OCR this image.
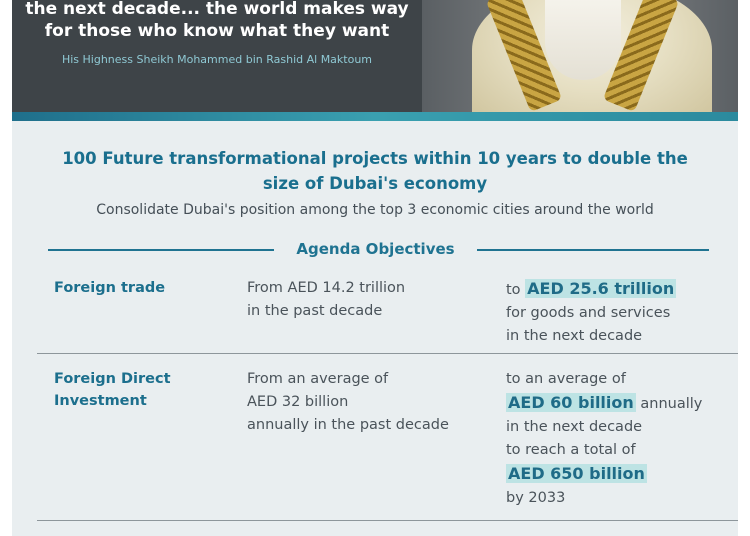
the next decade... the world makes way
for those who know what they want
His Highness Sheikh Mohammed bin Rashid Al Maktoum
100 Future transformational projects within 10 years to double the
size of Dubai's economy
Consolidate Dubai's position among the top 3 economic cities around the world
Agenda Objectives
Foreign trade	From AED 14.2 trillion
in the past decade
to AED 25.6 trillion
for goods and services
in the next decade
Foreign Direct
Investment
From an average of
AED 32 billion
annually in the past decade
to an average of
AED 60 billion annually
in the next decade
to reach a total of
AED 650 billion
by 2033
